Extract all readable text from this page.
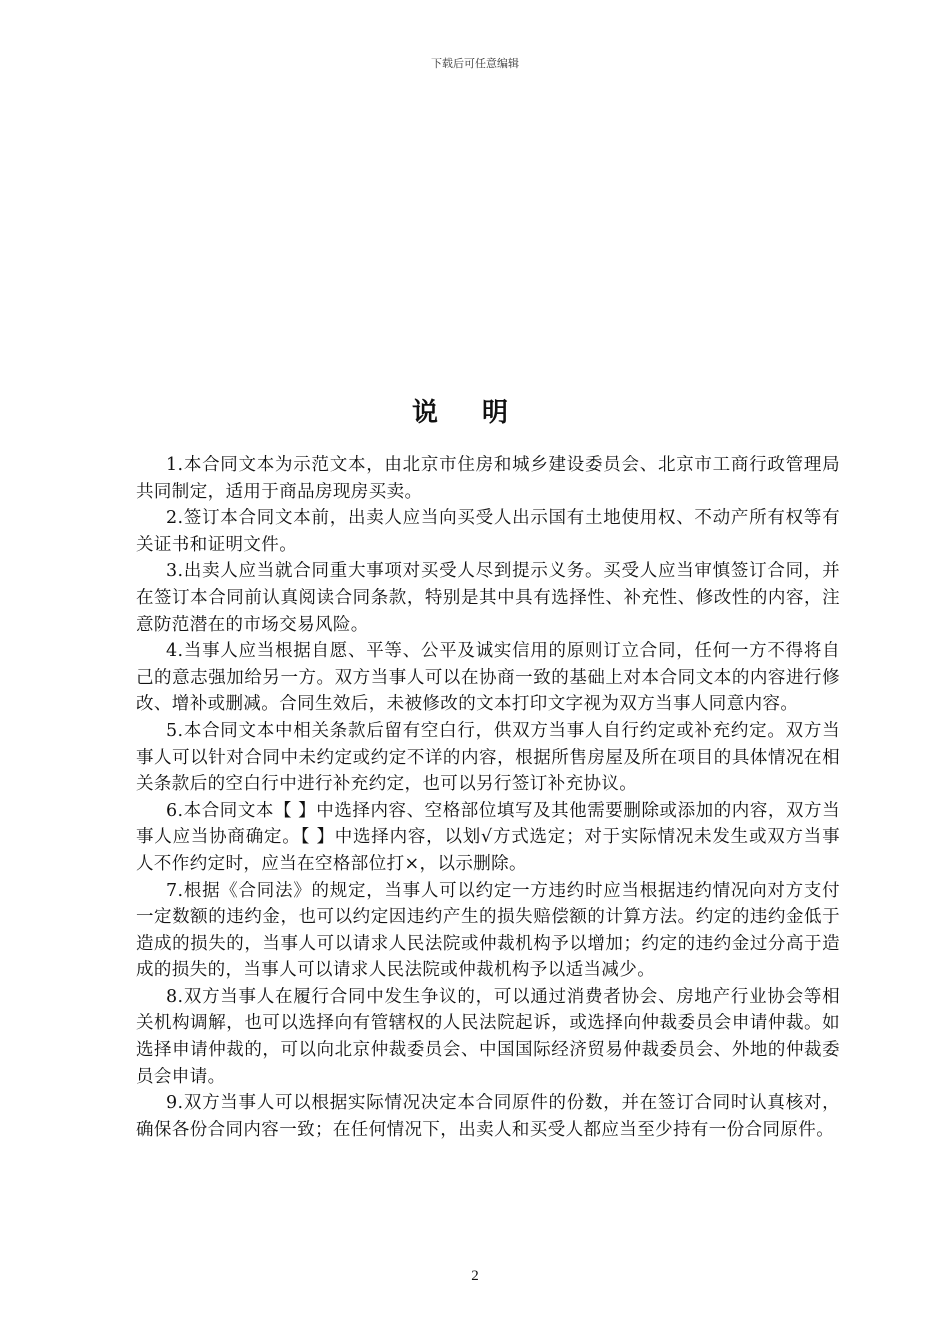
下载后可任意编辑
说明

1.本合同文本为示范文本，由北京市住房和城乡建设委员会、北京市工商行政管理局共同制定，适用于商品房现房买卖。

2.签订本合同文本前，出卖人应当向买受人出示国有土地使用权、不动产所有权等有关证书和证明文件。

3.出卖人应当就合同重大事项对买受人尽到提示义务。买受人应当审慎签订合同，并在签订本合同前认真阅读合同条款，特别是其中具有选择性、补充性、修改性的内容，注意防范潜在的市场交易风险。

4.当事人应当根据自愿、平等、公平及诚实信用的原则订立合同，任何一方不得将自己的意志强加给另一方。双方当事人可以在协商一致的基础上对本合同文本的内容进行修改、增补或删减。合同生效后，未被修改的文本打印文字视为双方当事人同意内容。

5.本合同文本中相关条款后留有空白行，供双方当事人自行约定或补充约定。双方当事人可以针对合同中未约定或约定不详的内容，根据所售房屋及所在项目的具体情况在相关条款后的空白行中进行补充约定，也可以另行签订补充协议。

6.本合同文本【 】中选择内容、空格部位填写及其他需要删除或添加的内容，双方当事人应当协商确定。【 】中选择内容，以划√方式选定；对于实际情况未发生或双方当事人不作约定时，应当在空格部位打×，以示删除。

7.根据《合同法》的规定，当事人可以约定一方违约时应当根据违约情况向对方支付一定数额的违约金，也可以约定因违约产生的损失赔偿额的计算方法。约定的违约金低于造成的损失的，当事人可以请求人民法院或仲裁机构予以增加；约定的违约金过分高于造成的损失的，当事人可以请求人民法院或仲裁机构予以适当减少。

8.双方当事人在履行合同中发生争议的，可以通过消费者协会、房地产行业协会等相关机构调解，也可以选择向有管辖权的人民法院起诉，或选择向仲裁委员会申请仲裁。如选择申请仲裁的，可以向北京仲裁委员会、中国国际经济贸易仲裁委员会、外地的仲裁委员会申请。

9.双方当事人可以根据实际情况决定本合同原件的份数，并在签订合同时认真核对，确保各份合同内容一致；在任何情况下，出卖人和买受人都应当至少持有一份合同原件。

2
